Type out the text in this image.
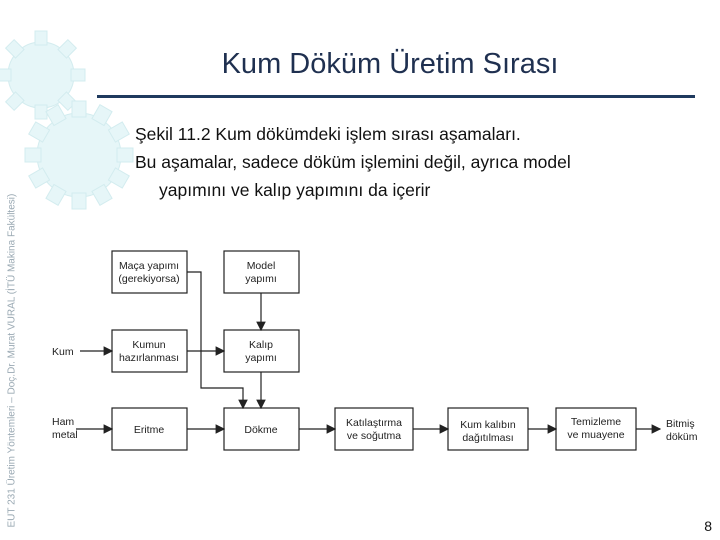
EUT 231 Üretim Yöntemleri – Doç.Dr. Murat VURAL (İTÜ Makina Fakültesi)
Kum Döküm Üretim Sırası
Şekil 11.2 Kum dökümdeki işlem sırası aşamaları.
Bu aşamalar, sadece döküm işlemini değil, ayrıca model
yapımını ve kalıp yapımını da içerir
Maça yapımı
(gerekiyorsa)
Model
yapımı
Kumun
hazırlanması
Kalıp
yapımı
Eritme	Dökme
Katılaştırma
ve soğutma
Kum kalıbın
dağıtılması
Temizleme
ve muayene
Kum
Ham
metal
Bitmiş
döküm
8
